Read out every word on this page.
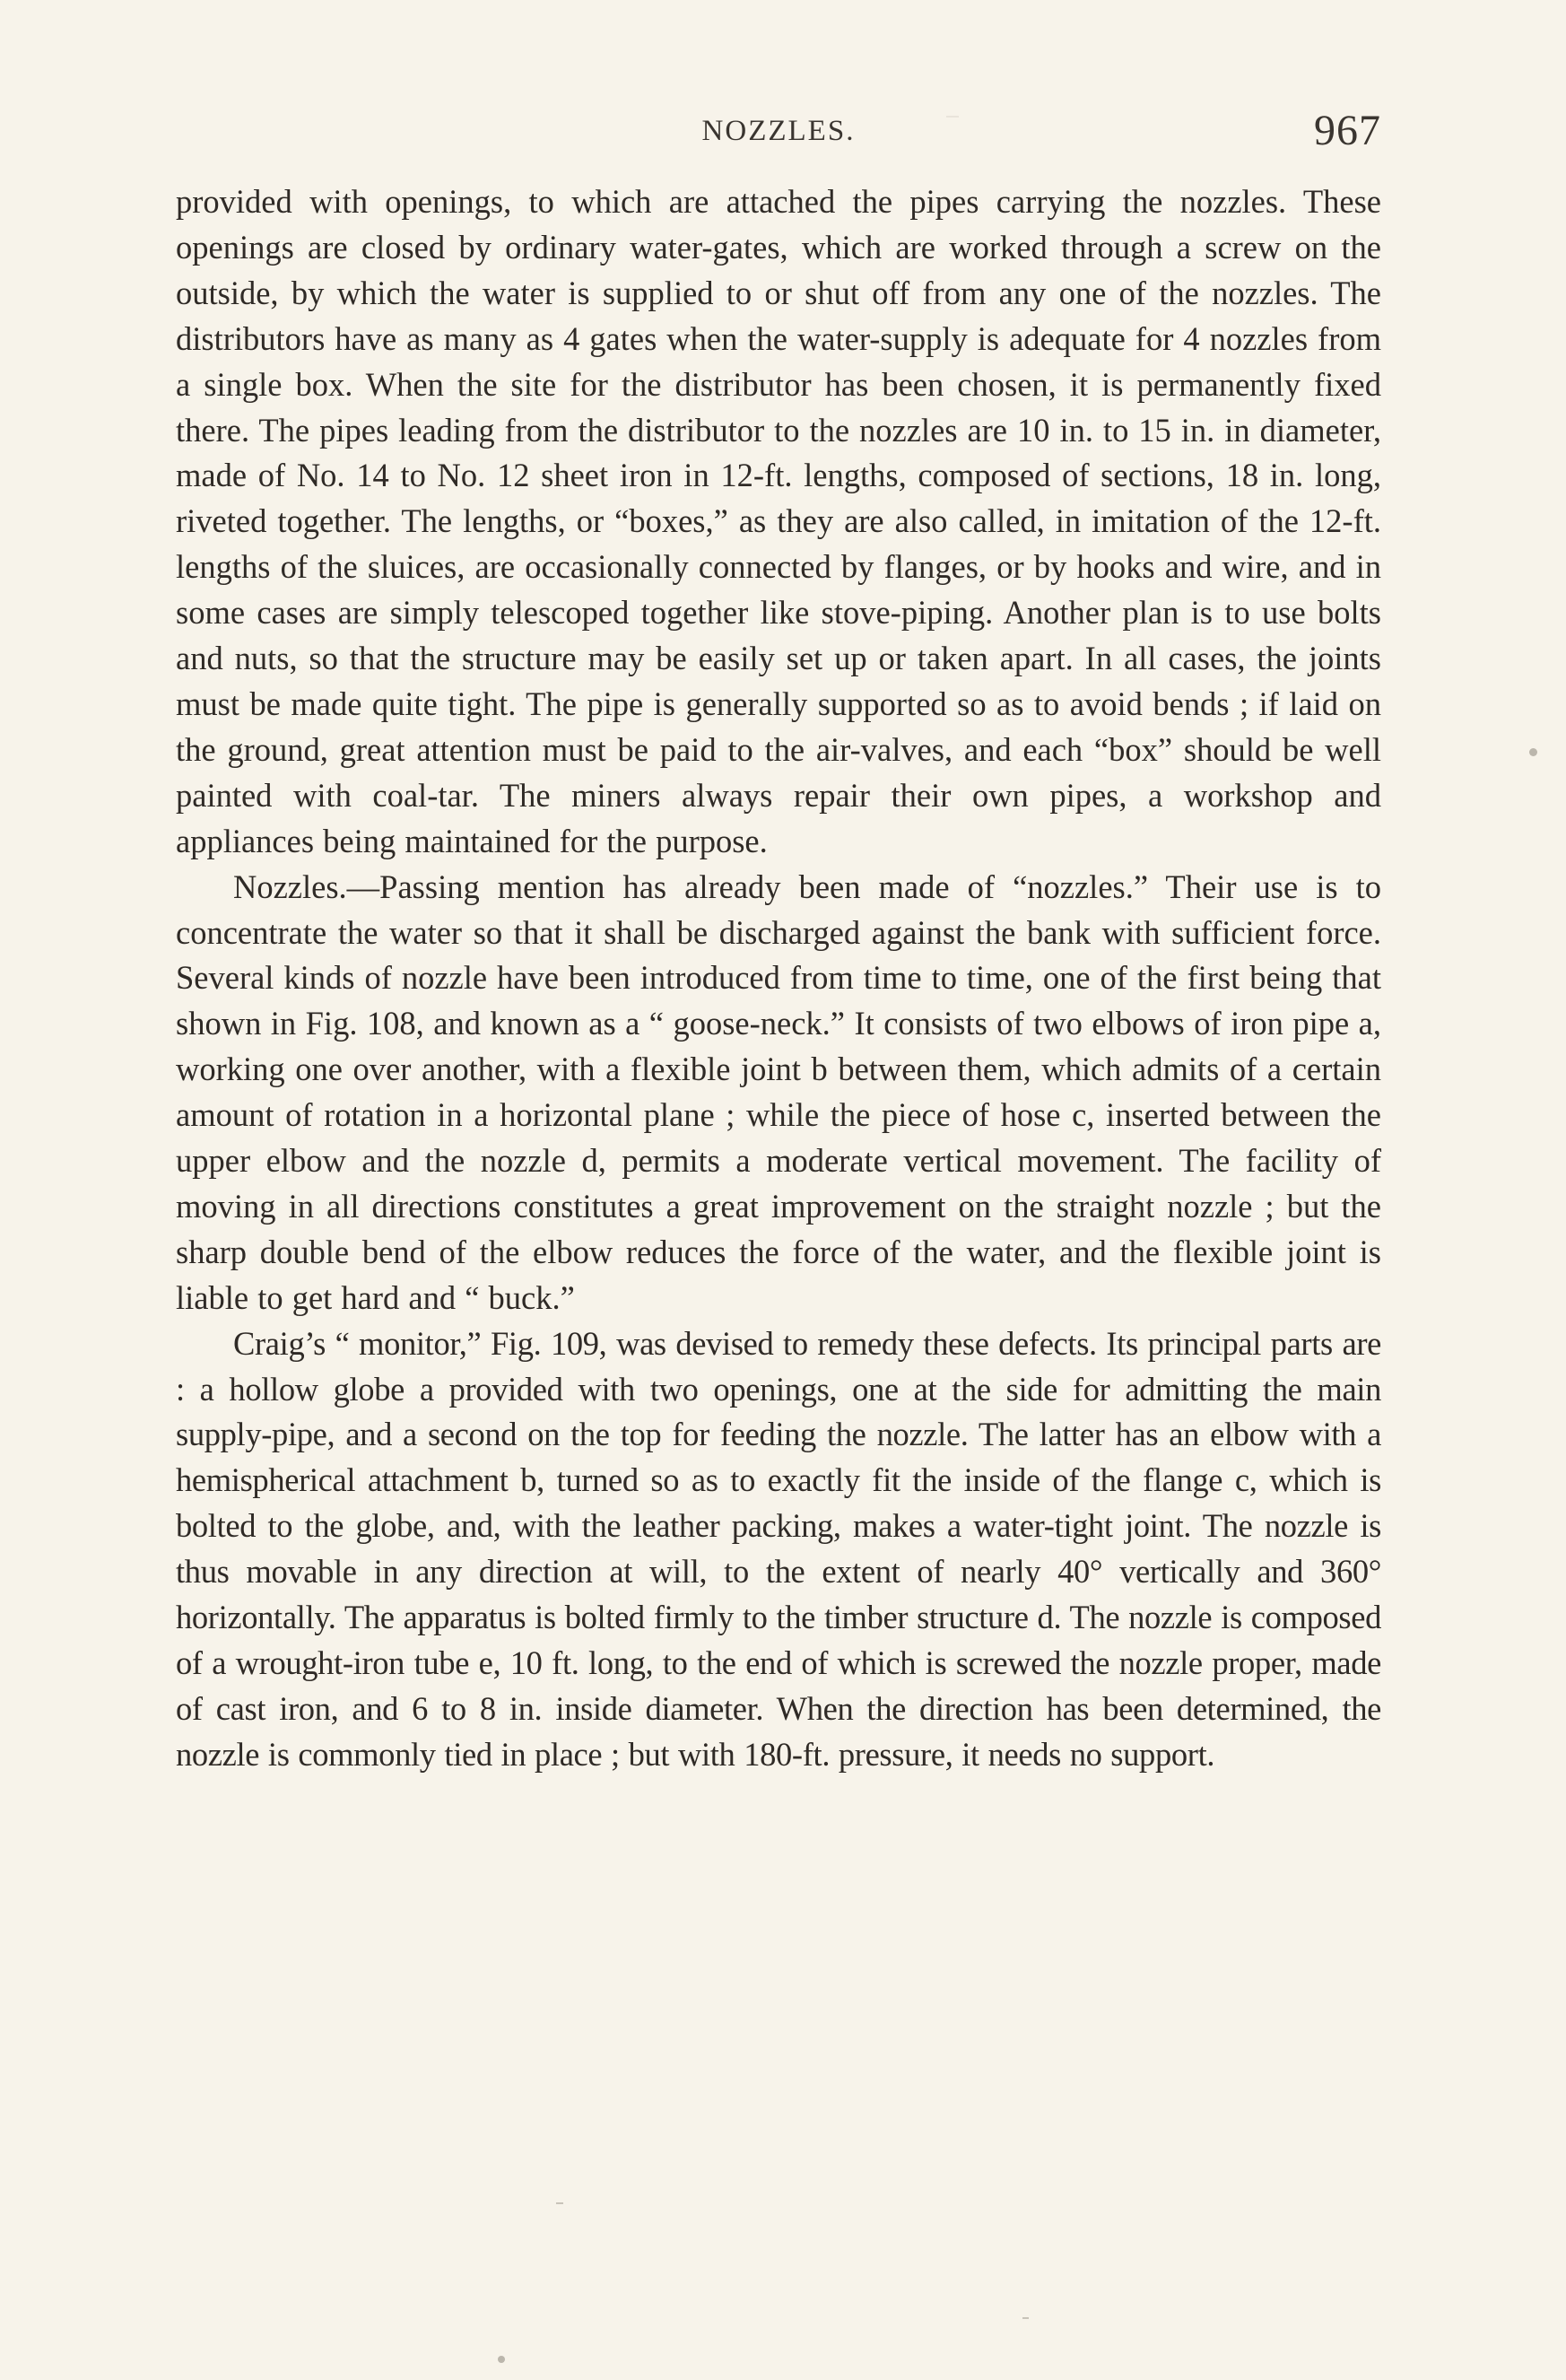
NOZZLES.	967

provided with openings, to which are attached the pipes carrying the nozzles. These openings are closed by ordinary water-gates, which are worked through a screw on the outside, by which the water is supplied to or shut off from any one of the nozzles. The distributors have as many as 4 gates when the water-supply is adequate for 4 nozzles from a single box. When the site for the distributor has been chosen, it is permanently fixed there. The pipes leading from the distributor to the nozzles are 10 in. to 15 in. in diameter, made of No. 14 to No. 12 sheet iron in 12-ft. lengths, composed of sections, 18 in. long, riveted together. The lengths, or “boxes,” as they are also called, in imitation of the 12-ft. lengths of the sluices, are occasionally connected by flanges, or by hooks and wire, and in some cases are simply telescoped together like stove-piping. Another plan is to use bolts and nuts, so that the structure may be easily set up or taken apart. In all cases, the joints must be made quite tight. The pipe is generally supported so as to avoid bends ; if laid on the ground, great attention must be paid to the air-valves, and each “box” should be well painted with coal-tar. The miners always repair their own pipes, a workshop and appliances being maintained for the purpose.

Nozzles.—Passing mention has already been made of “nozzles.” Their use is to concentrate the water so that it shall be discharged against the bank with sufficient force. Several kinds of nozzle have been introduced from time to time, one of the first being that shown in Fig. 108, and known as a “ goose-neck.” It consists of two elbows of iron pipe a, working one over another, with a flexible joint b between them, which admits of a certain amount of rotation in a horizontal plane ; while the piece of hose c, inserted between the upper elbow and the nozzle d, permits a moderate vertical movement. The facility of moving in all directions constitutes a great improvement on the straight nozzle ; but the sharp double bend of the elbow reduces the force of the water, and the flexible joint is liable to get hard and “ buck.”

Craig’s “ monitor,” Fig. 109, was devised to remedy these defects. Its principal parts are : a hollow globe a provided with two openings, one at the side for admitting the main supply-pipe, and a second on the top for feeding the nozzle. The latter has an elbow with a hemispherical attachment b, turned so as to exactly fit the inside of the flange c, which is bolted to the globe, and, with the leather packing, makes a water-tight joint. The nozzle is thus movable in any direction at will, to the extent of nearly 40° vertically and 360° horizontally. The apparatus is bolted firmly to the timber structure d. The nozzle is composed of a wrought-iron tube e, 10 ft. long, to the end of which is screwed the nozzle proper, made of cast iron, and 6 to 8 in. inside diameter. When the direction has been determined, the nozzle is commonly tied in place ; but with 180-ft. pressure, it needs no support.
